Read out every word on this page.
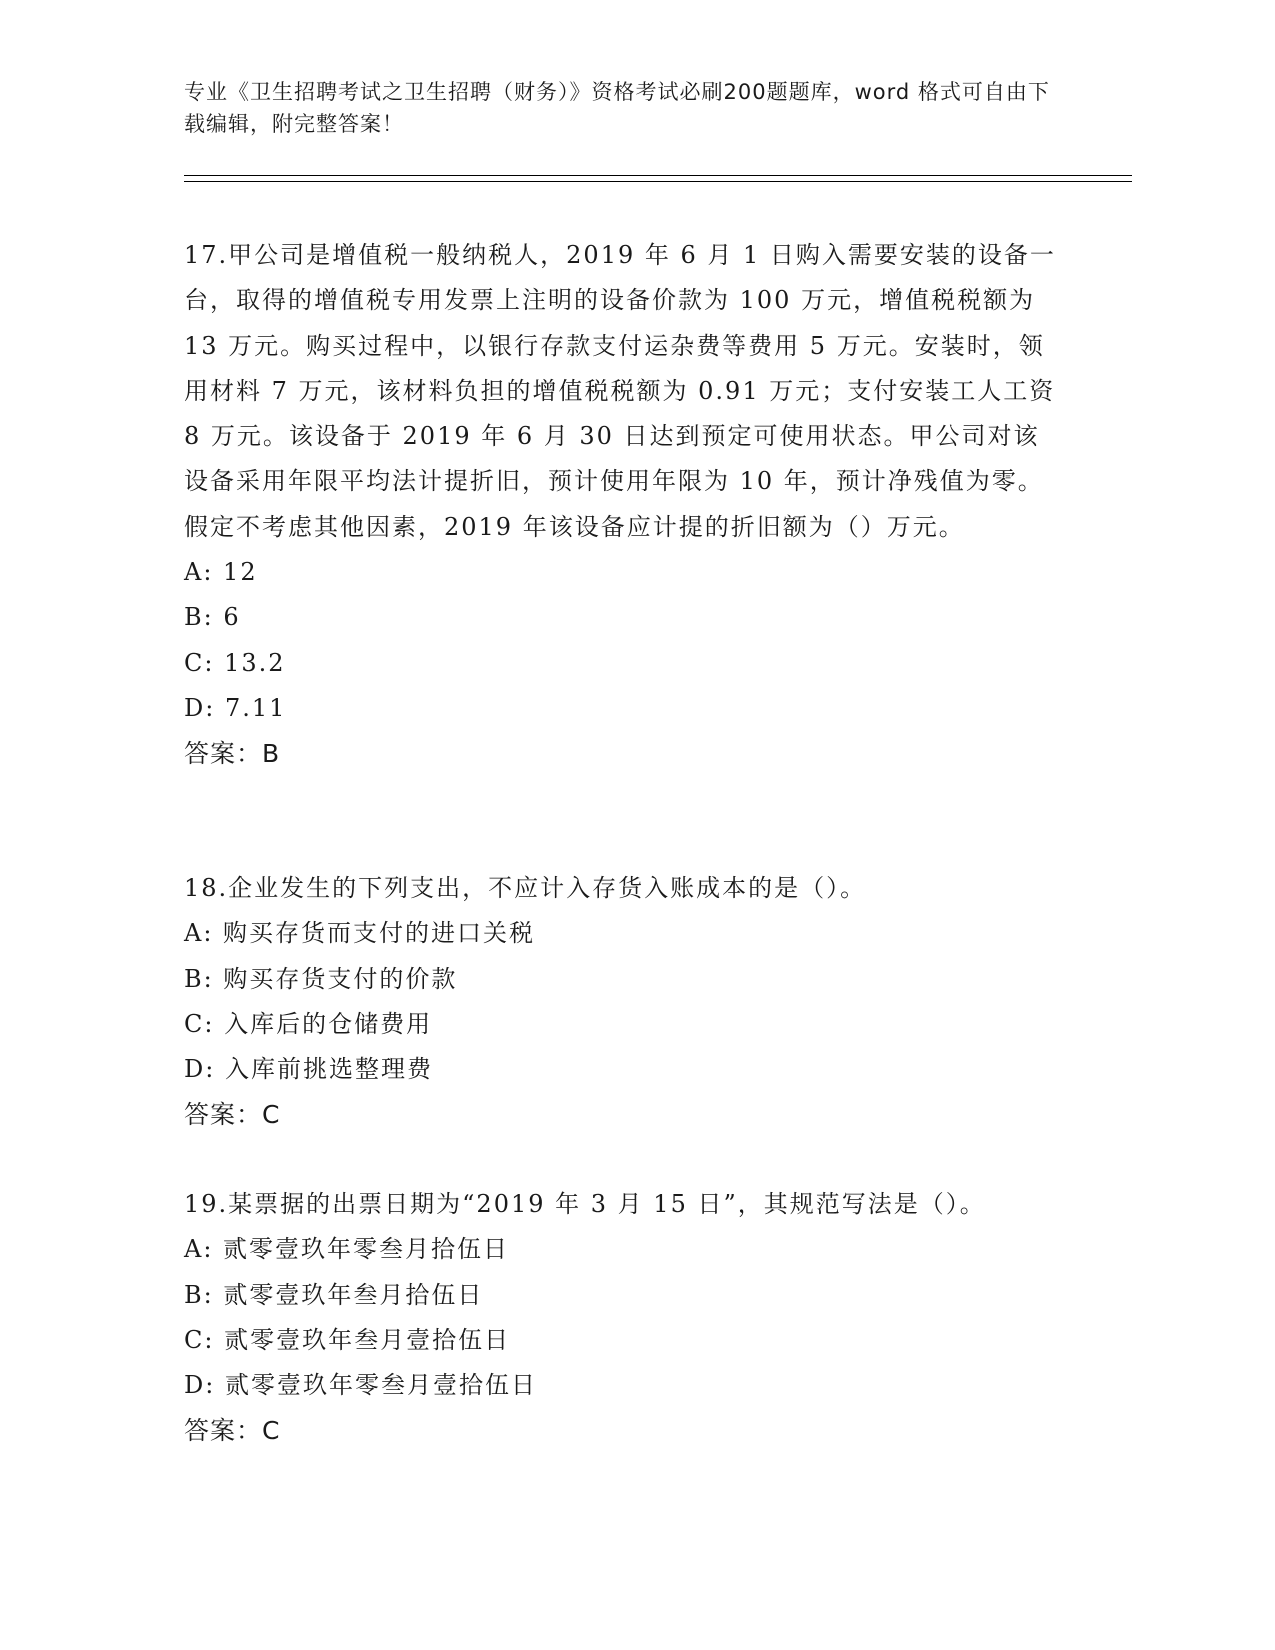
专业《卫生招聘考试之卫生招聘（财务）》资格考试必刷200题题库，word 格式可自由下载编辑，附完整答案！

17.甲公司是增值税一般纳税人，2019 年 6 月 1 日购入需要安装的设备一台，取得的增值税专用发票上注明的设备价款为 100 万元，增值税税额为 13 万元。购买过程中，以银行存款支付运杂费等费用 5 万元。安装时，领用材料 7 万元，该材料负担的增值税税额为 0.91 万元；支付安装工人工资 8 万元。该设备于 2019 年 6 月 30 日达到预定可使用状态。甲公司对该设备采用年限平均法计提折旧，预计使用年限为 10 年，预计净残值为零。假定不考虑其他因素，2019 年该设备应计提的折旧额为（）万元。

A: 12

B: 6

C: 13.2

D: 7.11

答案：B

18.企业发生的下列支出，不应计入存货入账成本的是（）。

A: 购买存货而支付的进口关税

B: 购买存货支付的价款

C: 入库后的仓储费用

D: 入库前挑选整理费

答案：C

19.某票据的出票日期为“2019 年 3 月 15 日”，其规范写法是（）。

A: 贰零壹玖年零叁月拾伍日

B: 贰零壹玖年叁月拾伍日

C: 贰零壹玖年叁月壹拾伍日

D: 贰零壹玖年零叁月壹拾伍日

答案：C
